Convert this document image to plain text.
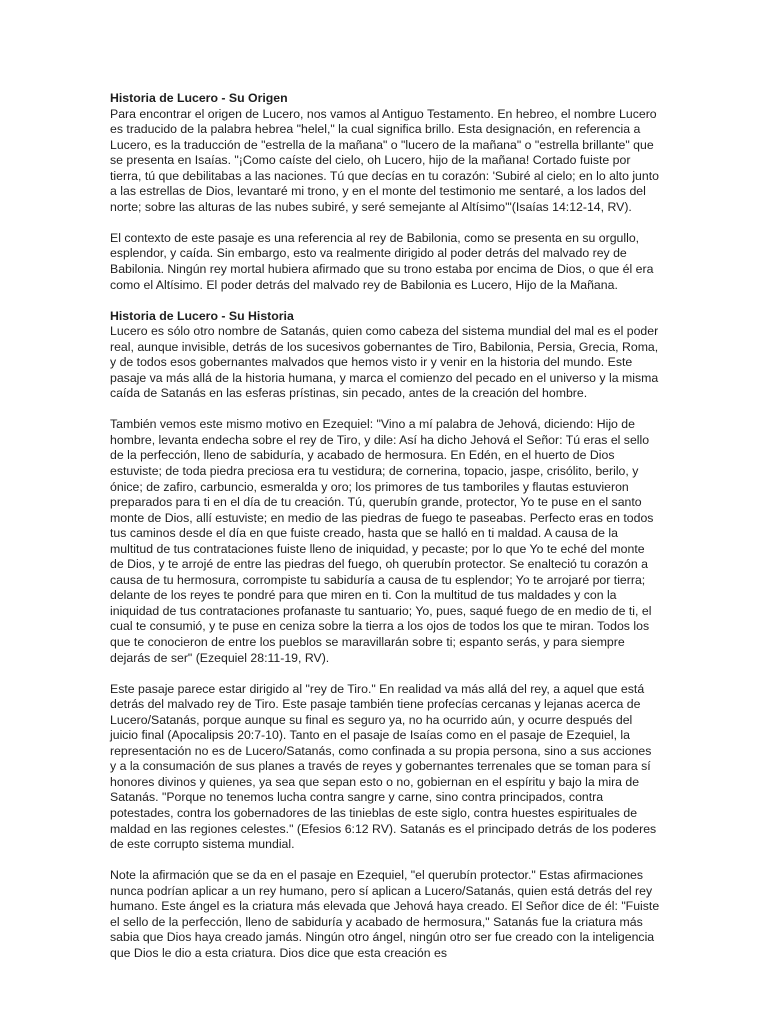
Historia de Lucero - Su Origen

Para encontrar el origen de Lucero, nos vamos al Antiguo Testamento. En hebreo, el nombre Lucero es traducido de la palabra hebrea "helel," la cual significa brillo. Esta designación, en referencia a Lucero, es la traducción de "estrella de la mañana" o "lucero de la mañana" o "estrella brillante" que se presenta en Isaías. "¡Como caíste del cielo, oh Lucero, hijo de la mañana! Cortado fuiste por tierra, tú que debilitabas a las naciones. Tú que decías en tu corazón: 'Subiré al cielo; en lo alto junto a las estrellas de Dios, levantaré mi trono, y en el monte del testimonio me sentaré, a los lados del norte; sobre las alturas de las nubes subiré, y seré semejante al Altísimo'"(Isaías 14:12-14, RV).

El contexto de este pasaje es una referencia al rey de Babilonia, como se presenta en su orgullo, esplendor, y caída. Sin embargo, esto va realmente dirigido al poder detrás del malvado rey de Babilonia. Ningún rey mortal hubiera afirmado que su trono estaba por encima de Dios, o que él era como el Altísimo. El poder detrás del malvado rey de Babilonia es Lucero, Hijo de la Mañana.

Historia de Lucero - Su Historia

Lucero es sólo otro nombre de Satanás, quien como cabeza del sistema mundial del mal es el poder real, aunque invisible, detrás de los sucesivos gobernantes de Tiro, Babilonia, Persia, Grecia, Roma, y de todos esos gobernantes malvados que hemos visto ir y venir en la historia del mundo. Este pasaje va más allá de la historia humana, y marca el comienzo del pecado en el universo y la misma caída de Satanás en las esferas prístinas, sin pecado, antes de la creación del hombre.

También vemos este mismo motivo en Ezequiel: "Vino a mí palabra de Jehová, diciendo: Hijo de hombre, levanta endecha sobre el rey de Tiro, y dile: Así ha dicho Jehová el Señor: Tú eras el sello de la perfección, lleno de sabiduría, y acabado de hermosura. En Edén, en el huerto de Dios estuviste; de toda piedra preciosa era tu vestidura; de cornerina, topacio, jaspe, crisólito, berilo, y ónice; de zafiro, carbuncio, esmeralda y oro; los primores de tus tamboriles y flautas estuvieron preparados para ti en el día de tu creación. Tú, querubín grande, protector, Yo te puse en el santo monte de Dios, allí estuviste; en medio de las piedras de fuego te paseabas. Perfecto eras en todos tus caminos desde el día en que fuiste creado, hasta que se halló en ti maldad. A causa de la multitud de tus contrataciones fuiste lleno de iniquidad, y pecaste; por lo que Yo te eché del monte de Dios, y te arrojé de entre las piedras del fuego, oh querubín protector. Se enalteció tu corazón a causa de tu hermosura, corrompiste tu sabiduría a causa de tu esplendor; Yo te arrojaré por tierra; delante de los reyes te pondré para que miren en ti. Con la multitud de tus maldades y con la iniquidad de tus contrataciones profanaste tu santuario; Yo, pues, saqué fuego de en medio de ti, el cual te consumió, y te puse en ceniza sobre la tierra a los ojos de todos los que te miran. Todos los que te conocieron de entre los pueblos se maravillarán sobre ti; espanto serás, y para siempre dejarás de ser" (Ezequiel 28:11-19, RV).

Este pasaje parece estar dirigido al "rey de Tiro." En realidad va más allá del rey, a aquel que está detrás del malvado rey de Tiro. Este pasaje también tiene profecías cercanas y lejanas acerca de Lucero/Satanás, porque aunque su final es seguro ya, no ha ocurrido aún, y ocurre después del juicio final (Apocalipsis 20:7-10). Tanto en el pasaje de Isaías como en el pasaje de Ezequiel, la representación no es de Lucero/Satanás, como confinada a su propia persona, sino a sus acciones y a la consumación de sus planes a través de reyes y gobernantes terrenales que se toman para sí honores divinos y quienes, ya sea que sepan esto o no, gobiernan en el espíritu y bajo la mira de Satanás. "Porque no tenemos lucha contra sangre y carne, sino contra principados, contra potestades, contra los gobernadores de las tinieblas de este siglo, contra huestes espirituales de maldad en las regiones celestes." (Efesios 6:12 RV). Satanás es el principado detrás de los poderes de este corrupto sistema mundial.

Note la afirmación que se da en el pasaje en Ezequiel, "el querubín protector." Estas afirmaciones nunca podrían aplicar a un rey humano, pero sí aplican a Lucero/Satanás, quien está detrás del rey humano. Este ángel es la criatura más elevada que Jehová haya creado. El Señor dice de él: "Fuiste el sello de la perfección, lleno de sabiduría y acabado de hermosura," Satanás fue la criatura más sabia que Dios haya creado jamás. Ningún otro ángel, ningún otro ser fue creado con la inteligencia que Dios le dio a esta criatura. Dios dice que esta creación es
